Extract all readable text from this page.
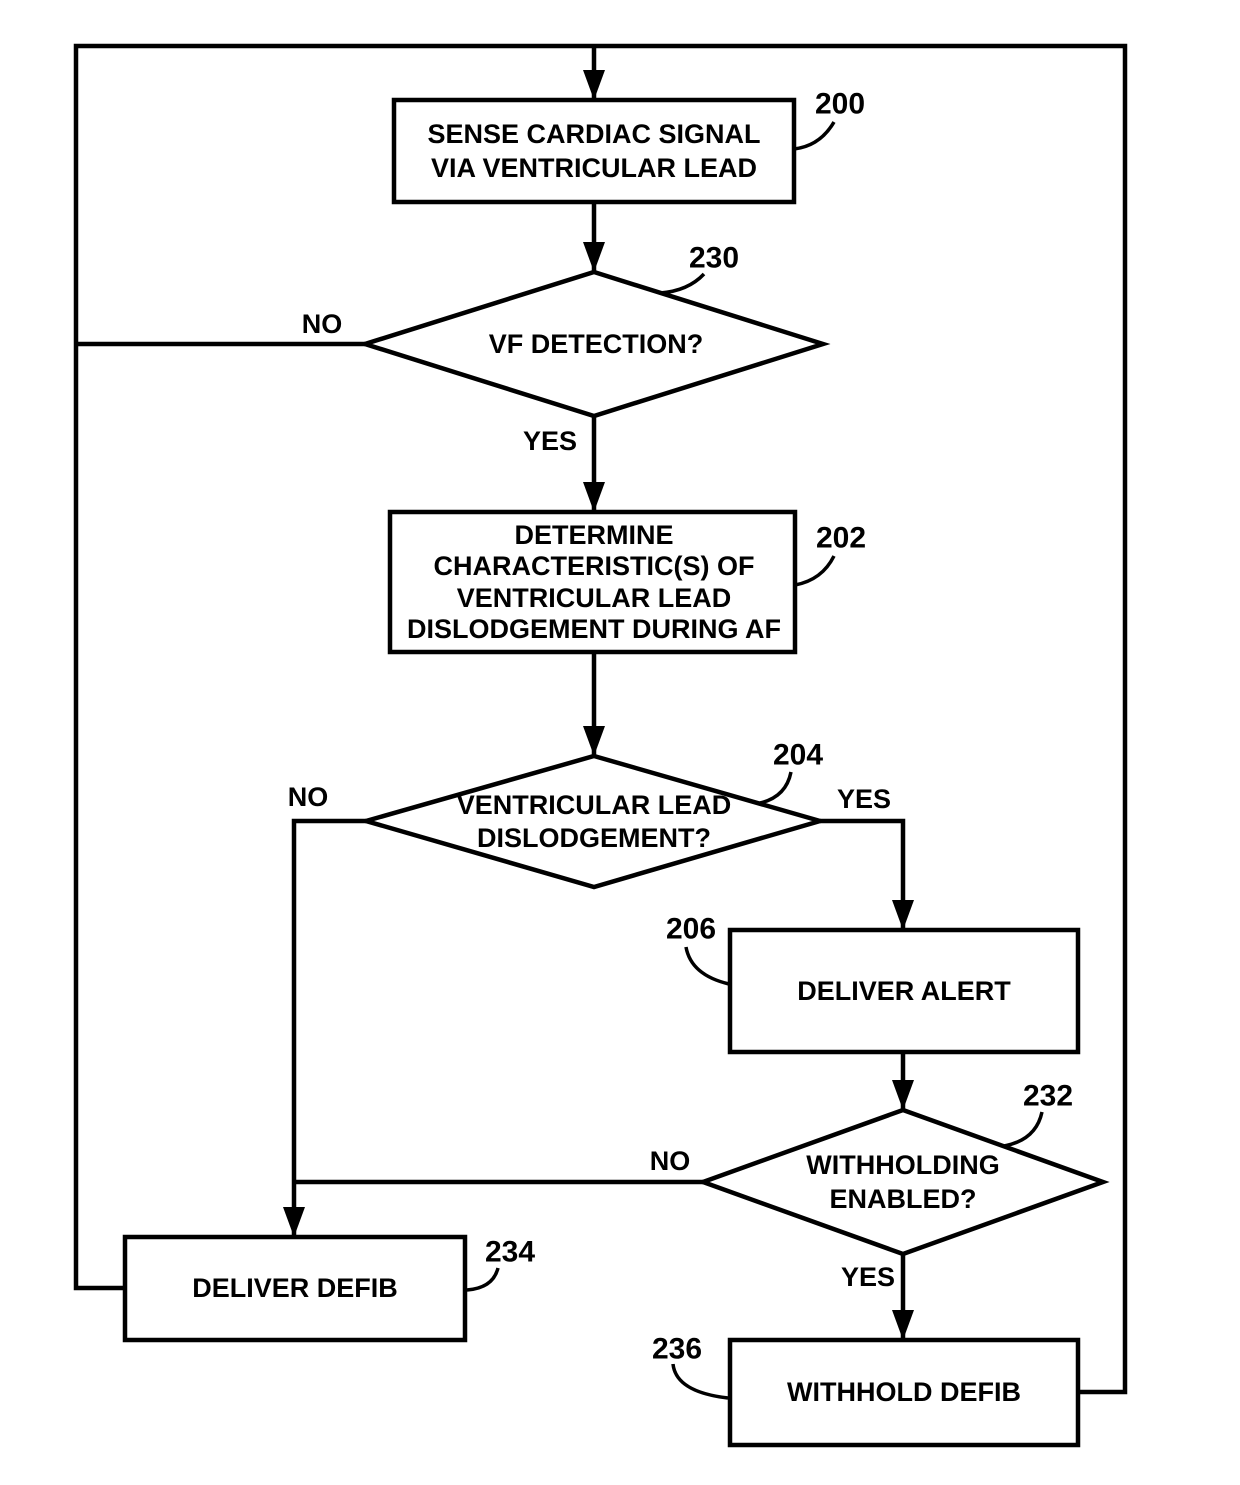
SENSE CARDIAC SIGNAL
VIA VENTRICULAR LEAD
200
VF DETECTION?
230
NO
YES
DETERMINE
CHARACTERISTIC(S) OF
VENTRICULAR LEAD
DISLODGEMENT DURING AF
202
VENTRICULAR LEAD
DISLODGEMENT?
204
NO	YES
DELIVER ALERT
206
WITHHOLDING
ENABLED?
232
NO
YES
DELIVER DEFIB
234
WITHHOLD DEFIB
236
